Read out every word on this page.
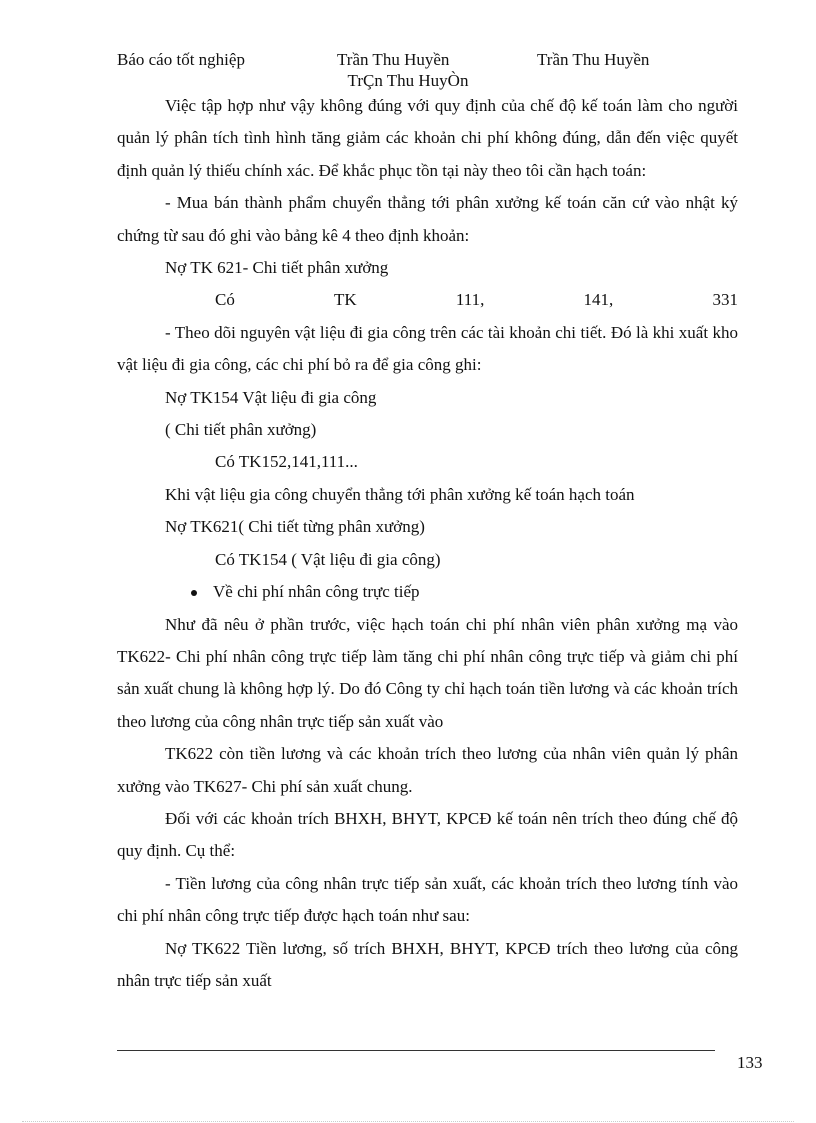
Báo cáo tốt nghiệp	Trần Thu Huyền	Trần Thu Huyền
TrÇn Thu HuyÒn

Việc tập hợp như vậy không đúng với quy định của chế độ kế toán làm cho người quản lý phân tích tình hình tăng giảm các khoản chi phí không đúng, dẫn đến việc quyết định quản lý thiếu chính xác. Để khắc phục tồn tại này theo tôi cần hạch toán:

- Mua bán thành phẩm chuyển thẳng tới phân xưởng kế toán căn cứ vào nhật ký chứng từ sau đó ghi vào bảng kê 4 theo định khoản:

Nợ TK 621- Chi tiết phân xưởng

Có	TK	111,	141,	331

- Theo dõi nguyên vật liệu đi gia công trên các tài khoản chi tiết. Đó là khi xuất kho vật liệu đi gia công, các chi phí bỏ ra để gia công ghi:

Nợ TK154 Vật liệu đi gia công

( Chi tiết phân xưởng)

Có TK152,141,111...

Khi vật liệu gia công chuyển thẳng tới phân xưởng kế toán hạch toán

Nợ TK621( Chi tiết từng phân xưởng)

Có TK154 ( Vật liệu đi gia công)

Về chi phí nhân công trực tiếp

Như đã nêu ở phần trước, việc hạch toán chi phí nhân viên phân xưởng mạ vào TK622- Chi phí nhân công trực tiếp làm tăng chi phí nhân công trực tiếp và giảm chi phí sản xuất chung là không hợp lý. Do đó Công ty chỉ hạch toán tiền lương và các khoản trích theo lương của công nhân trực tiếp sản xuất vào

TK622 còn tiền lương và các khoản trích theo lương của nhân viên quản lý phân xưởng vào TK627- Chi phí sản xuất chung.

Đối với các khoản trích BHXH, BHYT, KPCĐ kế toán nên trích theo đúng chế độ quy định. Cụ thể:

- Tiền lương của công nhân trực tiếp sản xuất, các khoản trích theo lương tính vào chi phí nhân công trực tiếp được hạch toán như sau:

Nợ TK622 Tiền lương, số trích BHXH, BHYT, KPCĐ trích theo lương của công nhân trực tiếp sản xuất

133
